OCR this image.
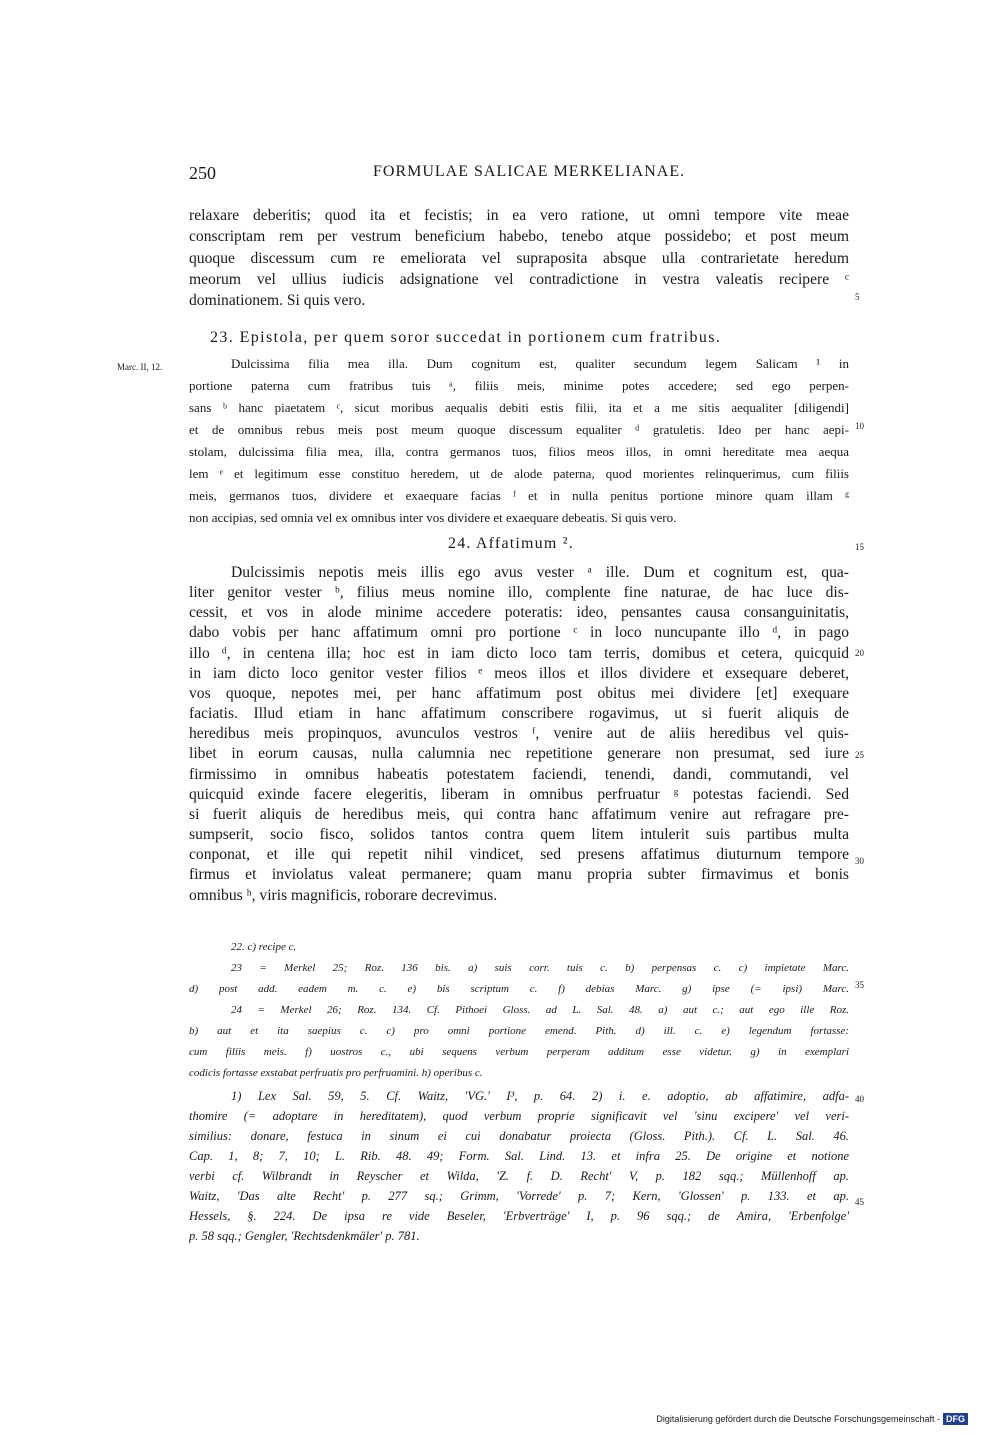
250	FORMULAE SALICAE MERKELIANAE.
relaxare deberitis; quod ita et fecistis; in ea vero ratione, ut omni tempore vite meae
conscriptam rem per vestrum beneficium habebo, tenebo atque possidebo; et post meum
quoque discessum cum re emeliorata vel supraposita absque ulla contrarietate heredum
meorum vel ullius iudicis adsignatione vel contradictione in vestra valeatis recipere ᶜ
dominationem. Si quis vero.
23. Epistola, per quem soror succedat in portionem cum fratribus.
Marc. II, 12.	Dulcissima filia mea illa. Dum cognitum est, qualiter secundum legem Salicam ¹ in
portione paterna cum fratribus tuis ᵃ, filiis meis, minime potes accedere; sed ego perpen-
sans ᵇ hanc piaetatem ᶜ, sicut moribus aequalis debiti estis filii, ita et a me sitis aequaliter [diligendi]
et de omnibus rebus meis post meum quoque discessum equaliter ᵈ gratuletis. Ideo per hanc aepi-
stolam, dulcissima filia mea, illa, contra germanos tuos, filios meos illos, in omni hereditate mea aequa
lem ᵉ et legitimum esse constituo heredem, ut de alode paterna, quod morientes relinquerimus, cum filiis
meis, germanos tuos, dividere et exaequare facias ᶠ et in nulla penitus portione minore quam illam ᵍ
non accipias, sed omnia vel ex omnibus inter vos dividere et exaequare debeatis. Si quis vero.
24. Affatimum ².
Dulcissimis nepotis meis illis ego avus vester ᵃ ille. Dum et cognitum est, qua-
liter genitor vester ᵇ, filius meus nomine illo, complente fine naturae, de hac luce dis-
cessit, et vos in alode minime accedere poteratis: ideo, pensantes causa consanguinitatis,
dabo vobis per hanc affatimum omni pro portione ᶜ in loco nuncupante illo ᵈ, in pago
illo ᵈ, in centena illa; hoc est in iam dicto loco tam terris, domibus et cetera, quicquid
in iam dicto loco genitor vester filios ᵉ meos illos et illos dividere et exsequare deberet,
vos quoque, nepotes mei, per hanc affatimum post obitus mei dividere [et] exequare
faciatis. Illud etiam in hanc affatimum conscribere rogavimus, ut si fuerit aliquis de
heredibus meis propinquos, avunculos vestros ᶠ, venire aut de aliis heredibus vel quis-
libet in eorum causas, nulla calumnia nec repetitione generare non presumat, sed iure
firmissimo in omnibus habeatis potestatem faciendi, tenendi, dandi, commutandi, vel
quicquid exinde facere elegeritis, liberam in omnibus perfruatur ᵍ potestas faciendi. Sed
si fuerit aliquis de heredibus meis, qui contra hanc affatimum venire aut refragare pre-
sumpserit, socio fisco, solidos tantos contra quem litem intulerit suis partibus multa
conponat, et ille qui repetit nihil vindicet, sed presens affatimus diuturnum tempore
firmus et inviolatus valeat permanere; quam manu propria subter firmavimus et bonis
omnibus ʰ, viris magnificis, roborare decrevimus.
22. c) recipe c.
23 = Merkel 25; Roz. 136 bis. a) suis corr. tuis c. b) perpensas c. c) impietate Marc.
d) post add. eadem m. c. e) bis scriptum c. f) debias Marc. g) ipse (= ipsi) Marc.
24 = Merkel 26; Roz. 134. Cf. Pithoei Gloss. ad L. Sal. 48. a) aut c.; aut ego ille Roz.
b) aut et ita saepius c. c) pro omni portione emend. Pith. d) ill. c. e) legendum fortasse:
cum filiis meis. f) uostros c., ubi sequens verbum perperam additum esse videtur. g) in exemplari
codicis fortasse exstabat perfruatis pro perfruamini. h) operibus c.
1) Lex Sal. 59, 5. Cf. Waitz, 'VG.' I³, p. 64. 2) i. e. adoptio, ab affatimire, adfa-
thomire (= adoptare in hereditatem), quod verbum proprie significavit vel 'sinu excipere' vel veri-
similius: donare, festuca in sinum ei cui donabatur proiecta (Gloss. Pith.). Cf. L. Sal. 46.
Cap. 1, 8; 7, 10; L. Rib. 48. 49; Form. Sal. Lind. 13. et infra 25. De origine et notione
verbi cf. Wilbrandt in Reyscher et Wilda, 'Z. f. D. Recht' V, p. 182 sqq.; Müllenhoff ap.
Waitz, 'Das alte Recht' p. 277 sq.; Grimm, 'Vorrede' p. 7; Kern, 'Glossen' p. 133. et ap.
Hessels, §. 224. De ipsa re vide Beseler, 'Erbverträge' I, p. 96 sqq.; de Amira, 'Erbenfolge'
p. 58 sqq.; Gengler, 'Rechtsdenkmäler' p. 781.
5
10
15
20
25
30
35
40
45
Digitalisierung gefördert durch die Deutsche Forschungsgemeinschaft - DFG
